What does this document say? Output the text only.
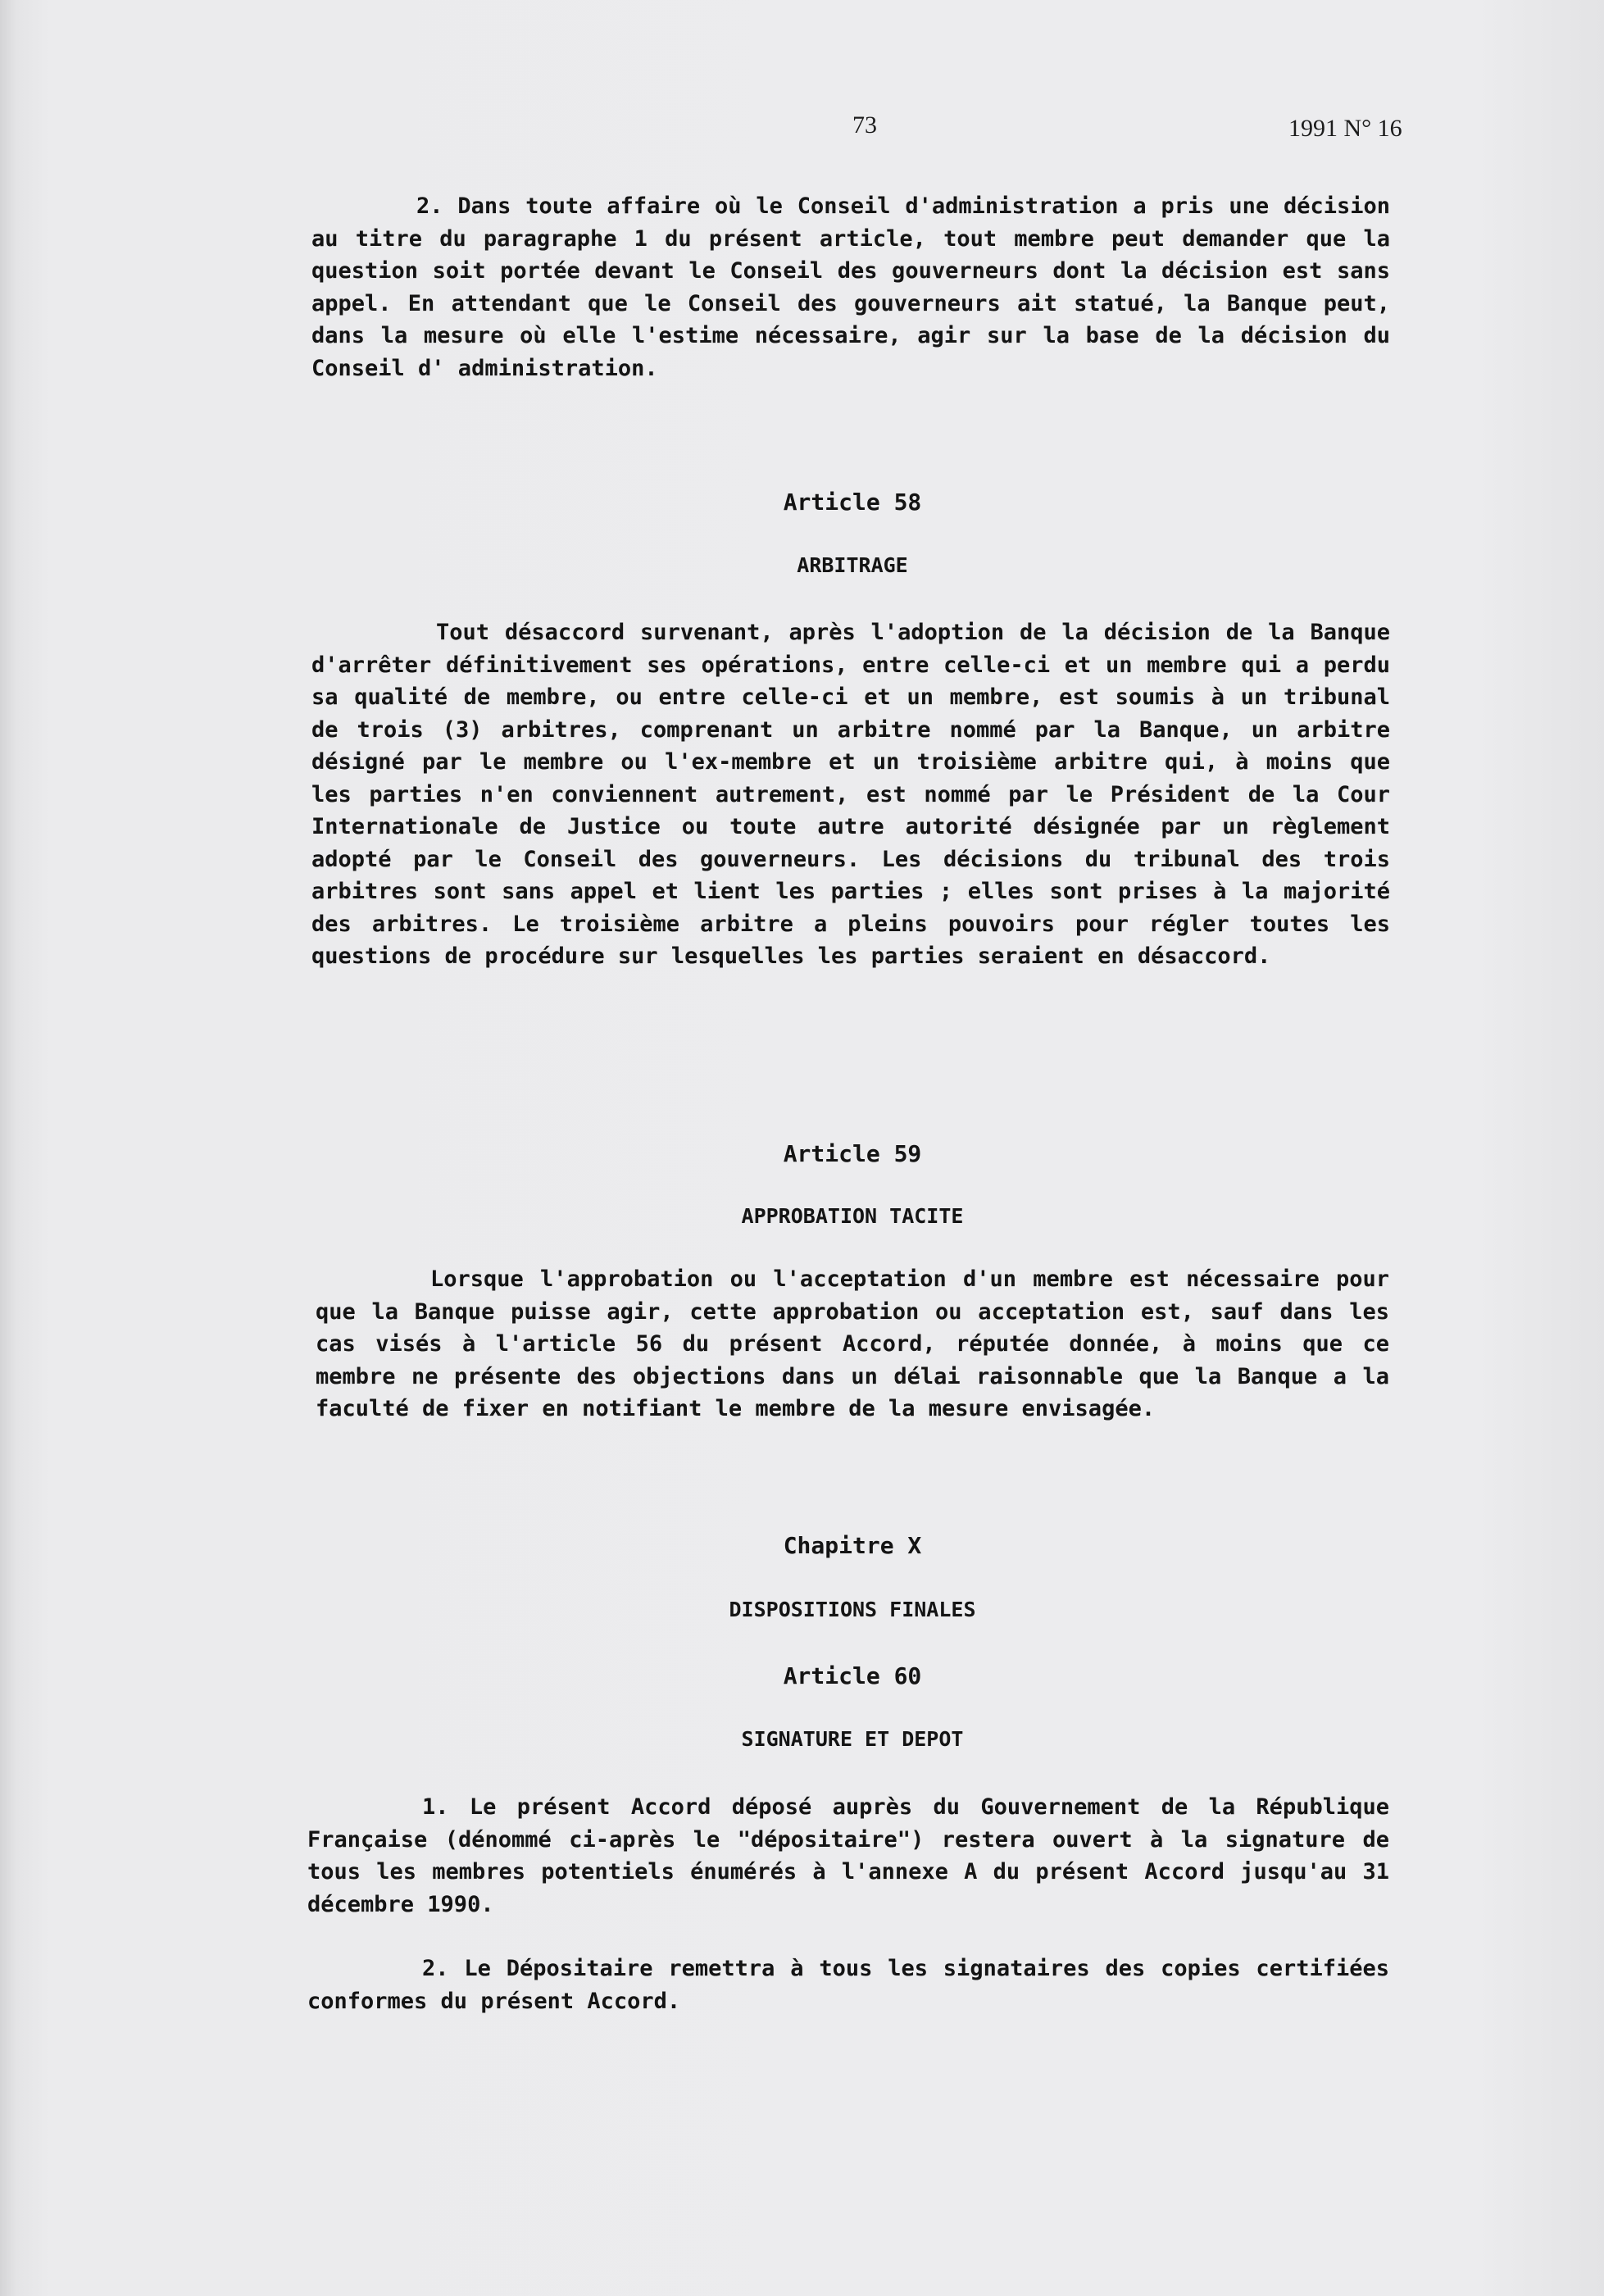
73	1991 N° 16
2. Dans toute affaire où le Conseil d'administration a pris une décision au titre du paragraphe 1 du présent article, tout membre peut demander que la question soit portée devant le Conseil des gouverneurs dont la décision est sans appel. En attendant que le Conseil des gouverneurs ait statué, la Banque peut, dans la mesure où elle l'estime nécessaire, agir sur la base de la décision du Conseil d' administration.
Article 58
ARBITRAGE
Tout désaccord survenant, après l'adoption de la décision de la Banque d'arrêter définitivement ses opérations, entre celle-ci et un membre qui a perdu sa qualité de membre, ou entre celle-ci et un membre, est soumis à un tribunal de trois (3) arbitres, comprenant un arbitre nommé par la Banque, un arbitre désigné par le membre ou l'ex-membre et un troisième arbitre qui, à moins que les parties n'en conviennent autrement, est nommé par le Président de la Cour Internationale de Justice ou toute autre autorité désignée par un règlement adopté par le Conseil des gouverneurs. Les décisions du tribunal des trois arbitres sont sans appel et lient les parties ; elles sont prises à la majorité des arbitres. Le troisième arbitre a pleins pouvoirs pour régler toutes les questions de procédure sur lesquelles les parties seraient en désaccord.
Article 59
APPROBATION TACITE
Lorsque l'approbation ou l'acceptation d'un membre est nécessaire pour que la Banque puisse agir, cette approbation ou acceptation est, sauf dans les cas visés à l'article 56 du présent Accord, réputée donnée, à moins que ce membre ne présente des objections dans un délai raisonnable que la Banque a la faculté de fixer en notifiant le membre de la mesure envisagée.
Chapitre X
DISPOSITIONS FINALES
Article 60
SIGNATURE ET DEPOT
1. Le présent Accord déposé auprès du Gouvernement de la République Française (dénommé ci-après le "dépositaire") restera ouvert à la signature de tous les membres potentiels énumérés à l'annexe A du présent Accord jusqu'au 31 décembre 1990.
2. Le Dépositaire remettra à tous les signataires des copies certifiées conformes du présent Accord.
